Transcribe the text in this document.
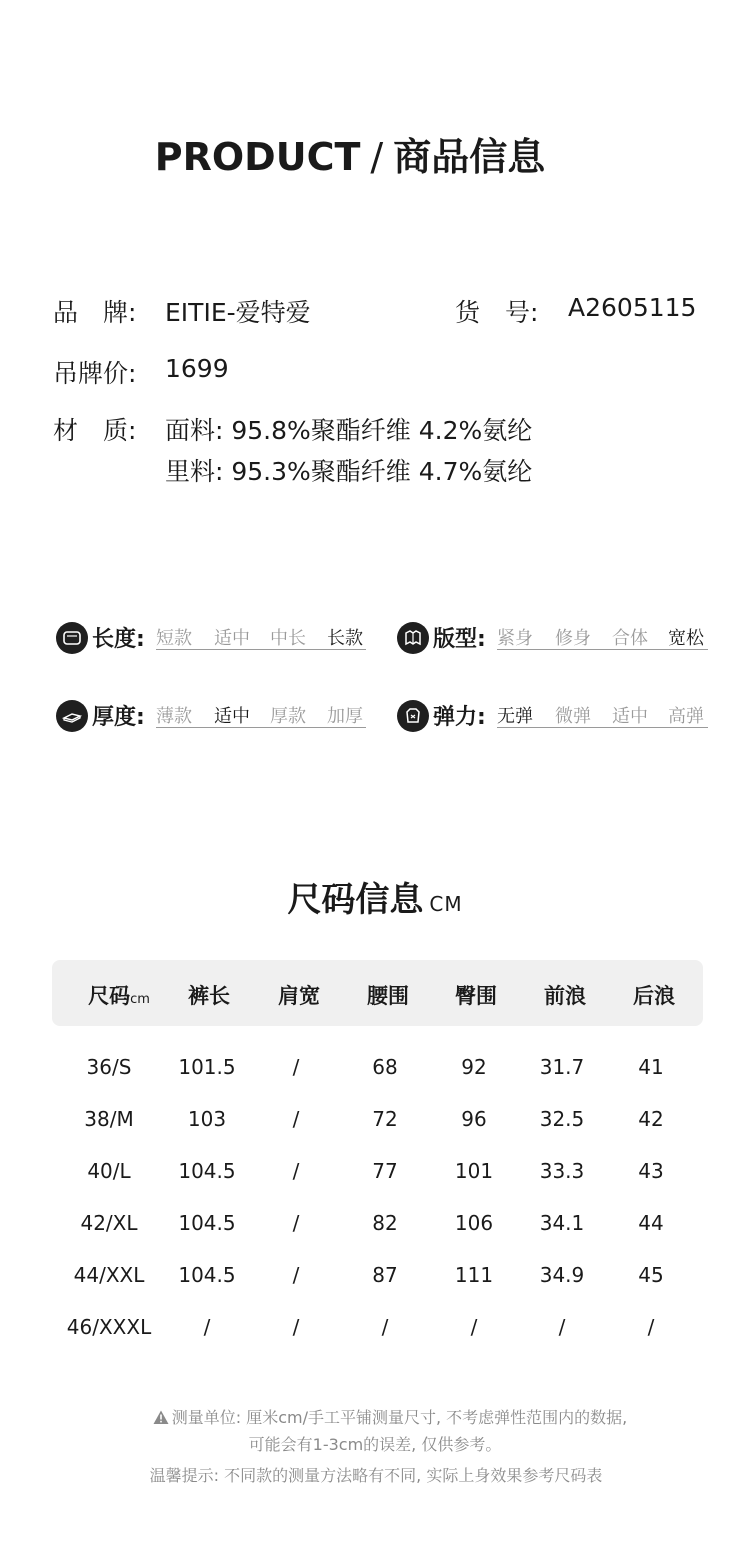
PRODUCT / 商品信息
品　牌: EITIE-爱特爱	货　号: A2605115
吊牌价: 1699
材　质: 面料: 95.8%聚酯纤维 4.2%氨纶
里料: 95.3%聚酯纤维 4.7%氨纶
长度: 短款 适中 中长 长款	版型: 紧身 修身 合体 宽松
厚度: 薄款 适中 厚款 加厚	弹力: 无弹 微弹 适中 高弹
尺码信息 CM
尺码cm	裤长	肩宽	腰围	臀围	前浪	后浪
36/S	101.5	/	68	92	31.7	41
38/M	103	/	72	96	32.5	42
40/L	104.5	/	77	101	33.3	43
42/XL	104.5	/	82	106	34.1	44
44/XXL	104.5	/	87	111	34.9	45
46/XXXL	/	/	/	/	/	/
测量单位: 厘米cm/手工平铺测量尺寸, 不考虑弹性范围内的数据,
可能会有1-3cm的误差, 仅供参考。
温馨提示: 不同款的测量方法略有不同, 实际上身效果参考尺码表
